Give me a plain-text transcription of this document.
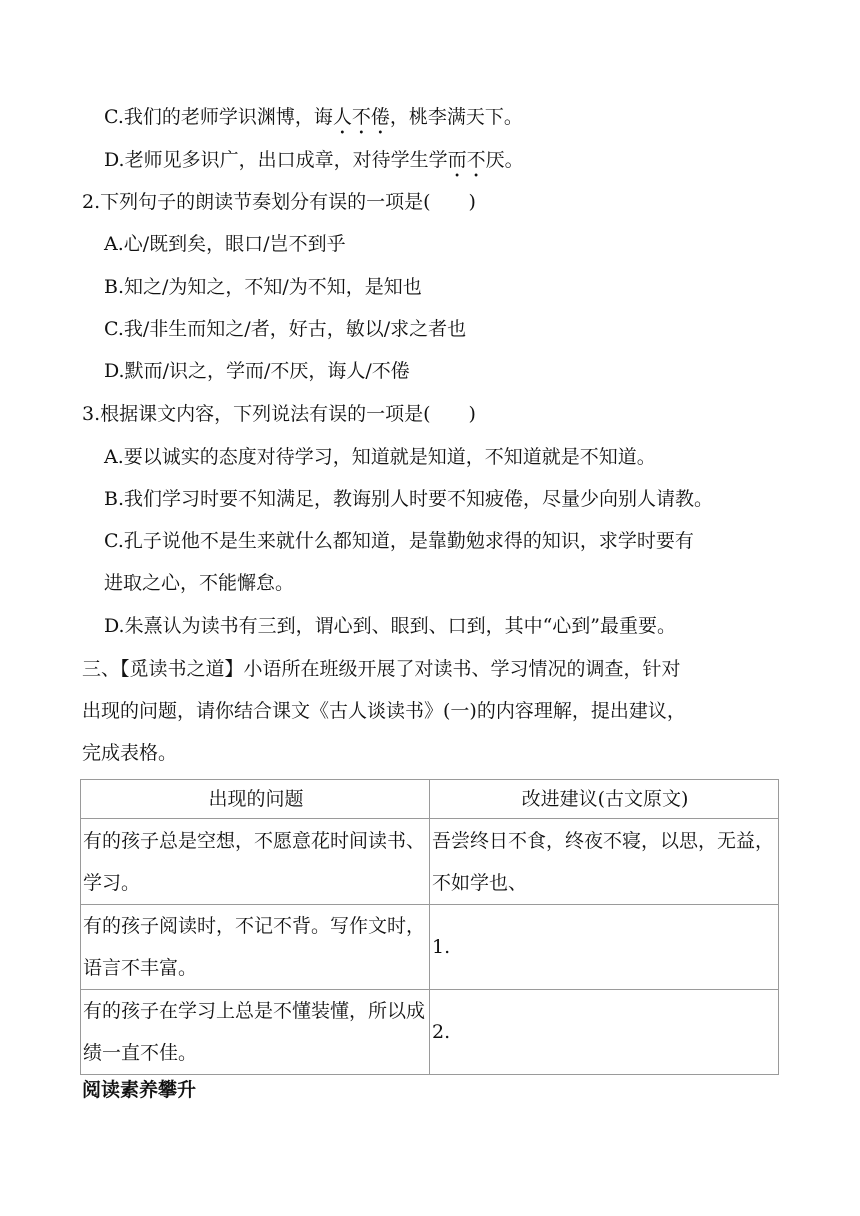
C.我们的老师学识渊博，诲人不倦，桃李满天下。
D.老师见多识广，出口成章，对待学生学而不厌。
2.下列句子的朗读节奏划分有误的一项是(　　)
A.心/既到矣，眼口/岂不到乎
B.知之/为知之，不知/为不知，是知也
C.我/非生而知之/者，好古，敏以/求之者也
D.默而/识之，学而/不厌，诲人/不倦
3.根据课文内容，下列说法有误的一项是(　　)
A.要以诚实的态度对待学习，知道就是知道，不知道就是不知道。
B.我们学习时要不知满足，教诲别人时要不知疲倦，尽量少向别人请教。
C.孔子说他不是生来就什么都知道，是靠勤勉求得的知识，求学时要有
进取之心，不能懈怠。
D.朱熹认为读书有三到，谓心到、眼到、口到，其中“心到”最重要。
三、【觅读书之道】小语所在班级开展了对读书、学习情况的调查，针对
出现的问题，请你结合课文《古人谈读书》(一)的内容理解，提出建议，
完成表格。
出现的问题	改进建议(古文原文)
有的孩子总是空想，不愿意花时间读书、学习。	吾尝终日不食，终夜不寝，以思，无益，不如学也、
有的孩子阅读时，不记不背。写作文时，语言不丰富。	1.
有的孩子在学习上总是不懂装懂，所以成绩一直不佳。	2.
阅读素养攀升
